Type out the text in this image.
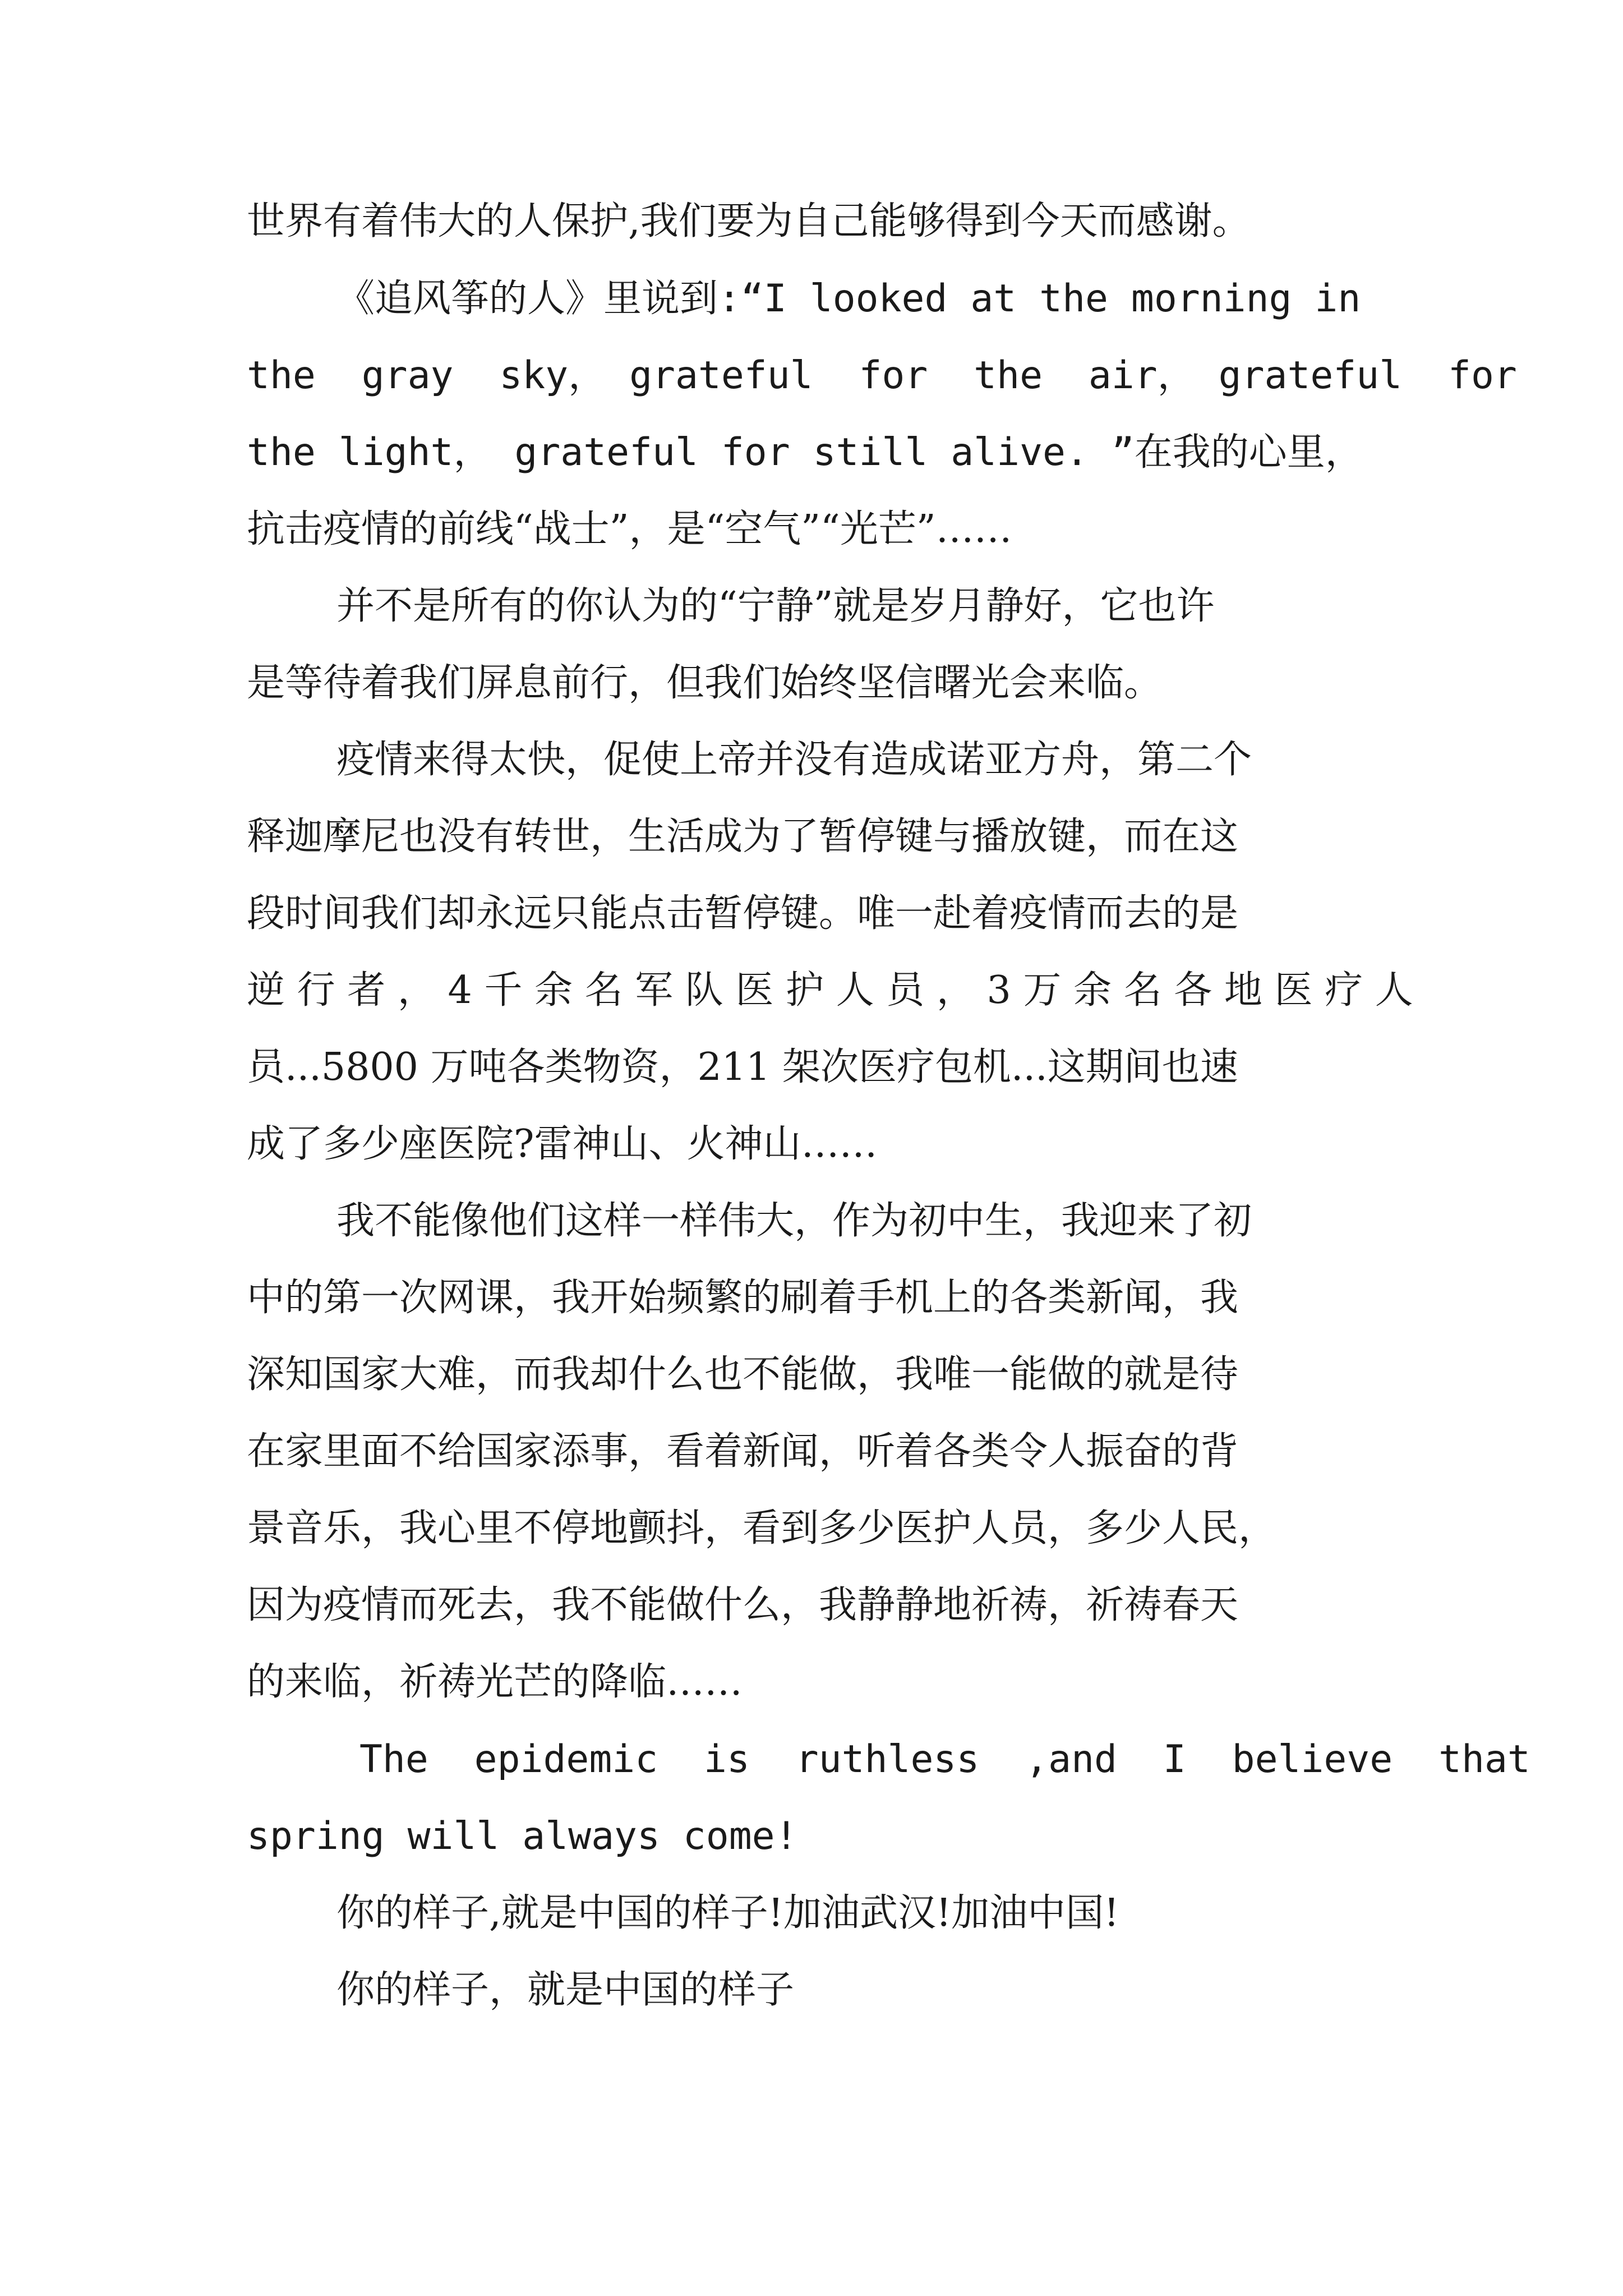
世界有着伟大的人保护,我们要为自己能够得到今天而感谢。
《追风筝的人》里说到:“I looked at the morning in
the  gray  sky， grateful  for  the  air， grateful  for
the light， grateful for still alive. ”在我的心里，
抗击疫情的前线“战士”，是“空气”“光芒”……
并不是所有的你认为的“宁静”就是岁月静好，它也许
是等待着我们屏息前行，但我们始终坚信曙光会来临。
疫情来得太快，促使上帝并没有造成诺亚方舟，第二个
释迦摩尼也没有转世，生活成为了暂停键与播放键，而在这
段时间我们却永远只能点击暂停键。唯一赴着疫情而去的是
逆 行 者 ， 4 千 余 名 军 队 医 护 人 员 ， 3 万 余 名 各 地 医 疗 人
员...5800 万吨各类物资，211 架次医疗包机...这期间也速
成了多少座医院?雷神山、火神山……
我不能像他们这样一样伟大，作为初中生，我迎来了初
中的第一次网课，我开始频繁的刷着手机上的各类新闻，我
深知国家大难，而我却什么也不能做，我唯一能做的就是待
在家里面不给国家添事，看着新闻，听着各类令人振奋的背
景音乐，我心里不停地颤抖，看到多少医护人员，多少人民，
因为疫情而死去，我不能做什么，我静静地祈祷，祈祷春天
的来临，祈祷光芒的降临……
The  epidemic  is  ruthless  ,and  I  believe  that
spring will always come!
你的样子,就是中国的样子!加油武汉!加油中国!
你的样子，就是中国的样子
